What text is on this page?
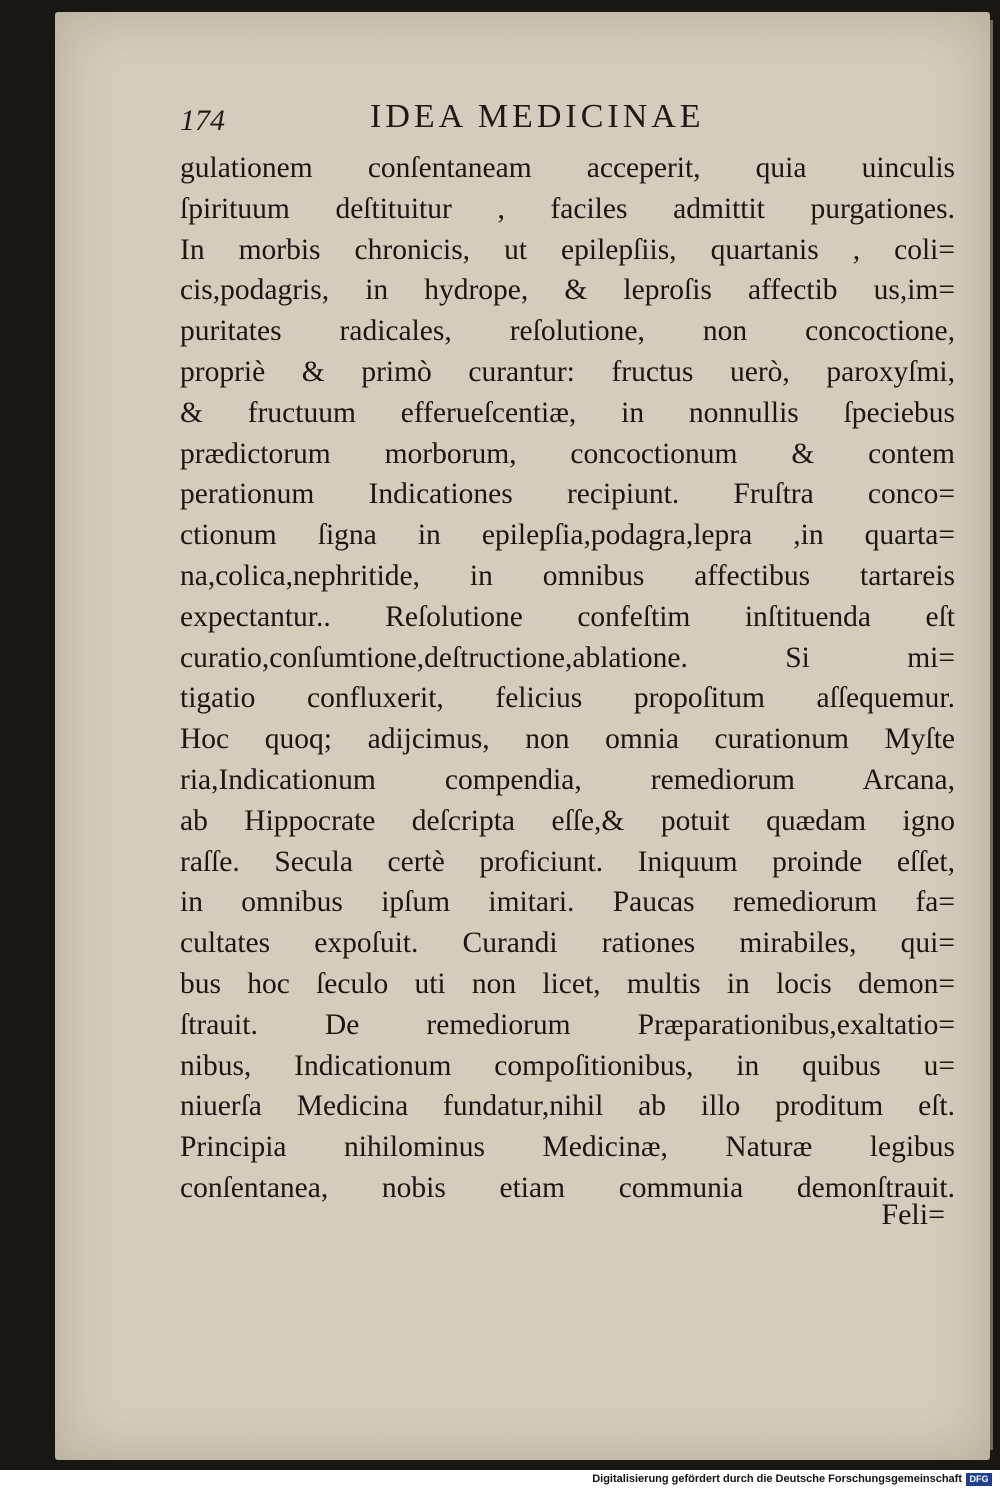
174	IDEA MEDICINAE
gulationem conſentaneam acceperit, quia uinculis
ſpirituum deſtituitur , faciles admittit purgationes.
In morbis chronicis, ut epilepſiis, quartanis , coli=
cis,podagris, in hydrope, & leproſis affectib us,im=
puritates radicales, reſolutione, non concoctione,
propriè & primò curantur: fructus uerò, paroxyſmi,
& fructuum efferueſcentiæ, in nonnullis ſpeciebus
prædictorum morborum, concoctionum & contem
perationum Indicationes recipiunt. Fruſtra conco=
ctionum ſigna in epilepſia,podagra,lepra ,in quarta=
na,colica,nephritide, in omnibus affectibus tartareis
expectantur.. Reſolutione confeſtim inſtituenda eſt
curatio,conſumtione,deſtructione,ablatione. Si mi=
tigatio confluxerit, felicius propoſitum aſſequemur.
Hoc quoq; adijcimus, non omnia curationum Myſte
ria,Indicationum compendia, remediorum Arcana,
ab Hippocrate deſcripta eſſe,& potuit quædam igno
raſſe. Secula certè proficiunt. Iniquum proinde eſſet,
in omnibus ipſum imitari. Paucas remediorum fa=
cultates expoſuit. Curandi rationes mirabiles, qui=
bus hoc ſeculo uti non licet, multis in locis demon=
ſtrauit. De remediorum Præparationibus,exaltatio=
nibus, Indicationum compoſitionibus, in quibus u=
niuerſa Medicina fundatur,nihil ab illo proditum eſt.
Principia nihilominus Medicinæ, Naturæ legibus
conſentanea, nobis etiam communia demonſtrauit.
Feli=
Digitalisierung gefördert durch die Deutsche Forschungsgemeinschaft DFG
